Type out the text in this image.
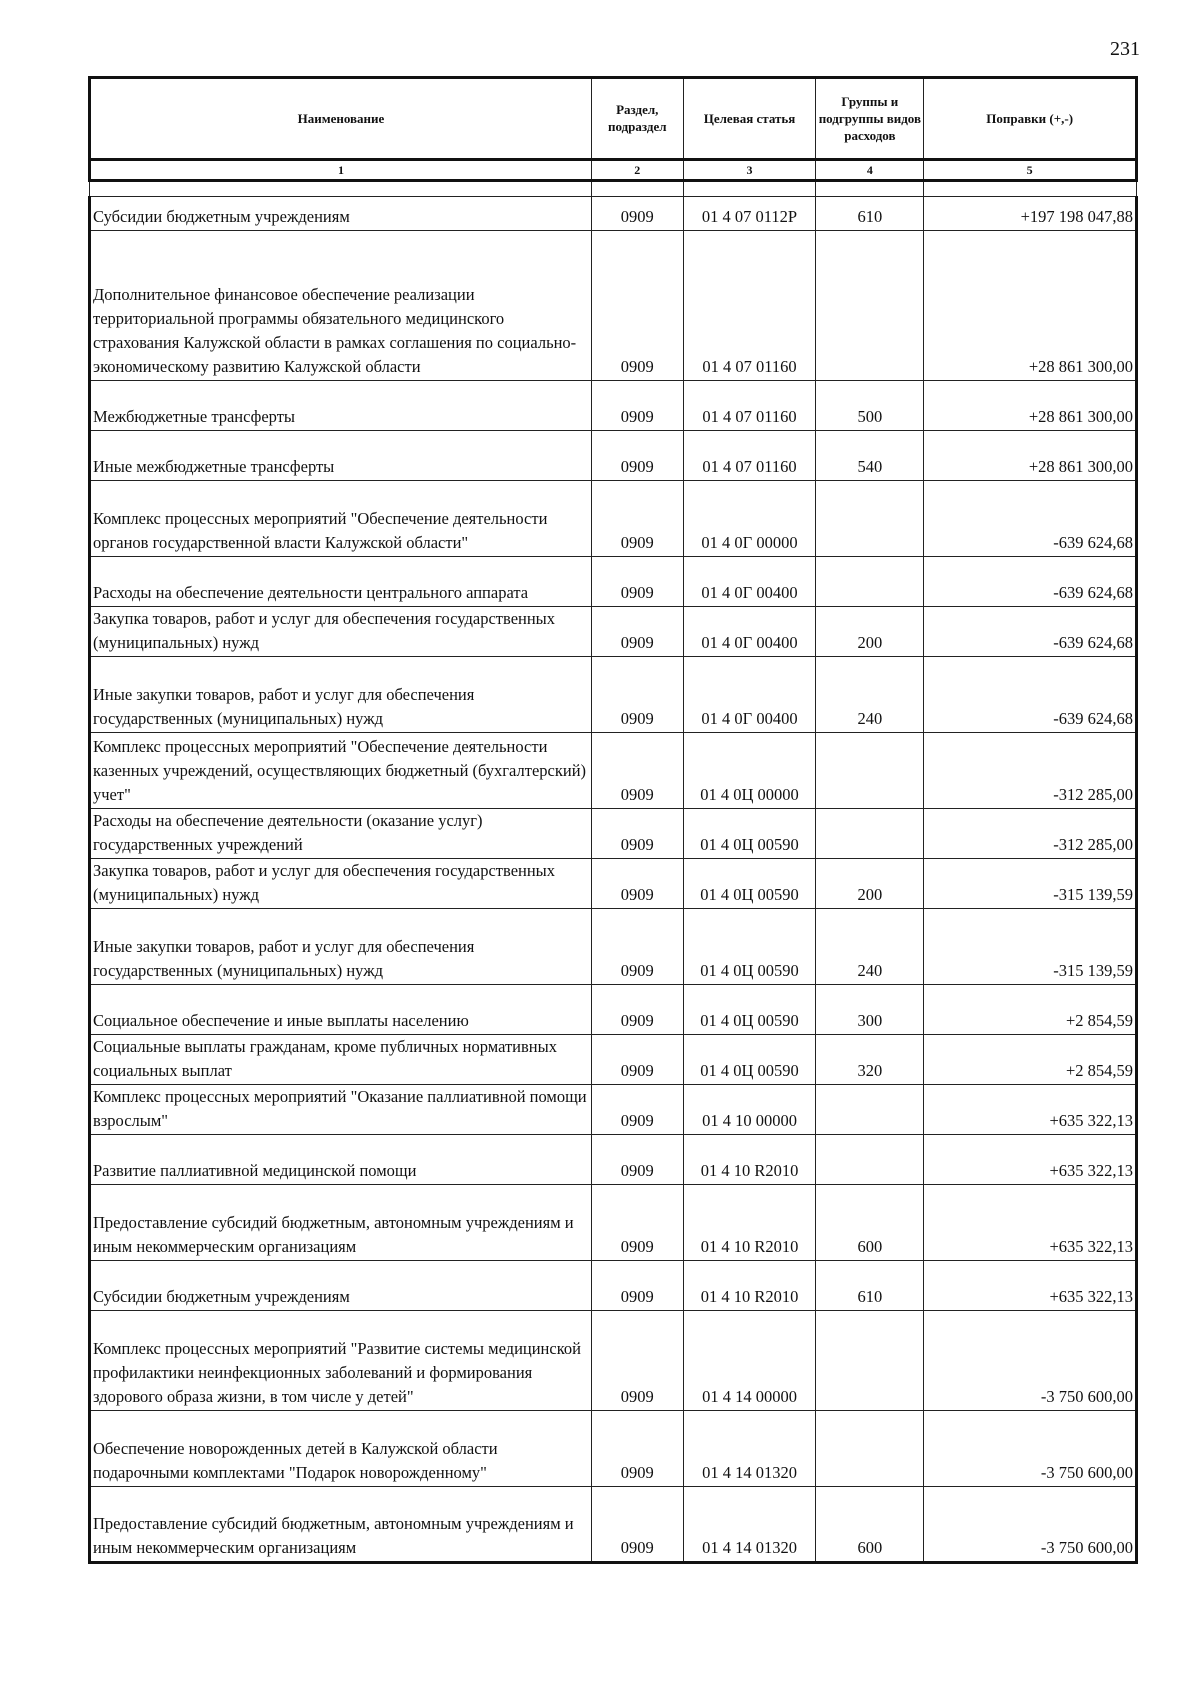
231
Наименование	Раздел, подраздел	Целевая статья	Группы и подгруппы видов расходов	Поправки (+,-)
1	2	3	4	5

Субсидии бюджетным учреждениям	0909	01 4 07 0112Р	610	+197 198 047,88
Дополнительное финансовое обеспечение реализации территориальной программы обязательного медицинского страхования Калужской области в рамках соглашения по социально-экономическому развитию Калужской области	0909	01 4 07 01160		+28 861 300,00
Межбюджетные трансферты	0909	01 4 07 01160	500	+28 861 300,00
Иные межбюджетные трансферты	0909	01 4 07 01160	540	+28 861 300,00
Комплекс процессных мероприятий "Обеспечение деятельности органов государственной власти Калужской области"	0909	01 4 0Г 00000		-639 624,68
Расходы на обеспечение деятельности центрального аппарата	0909	01 4 0Г 00400		-639 624,68
Закупка товаров, работ и услуг для обеспечения государственных (муниципальных) нужд	0909	01 4 0Г 00400	200	-639 624,68
Иные закупки товаров, работ и услуг для обеспечения государственных (муниципальных) нужд	0909	01 4 0Г 00400	240	-639 624,68
Комплекс процессных мероприятий "Обеспечение деятельности казенных учреждений, осуществляющих бюджетный (бухгалтерский) учет"	0909	01 4 0Ц 00000		-312 285,00
Расходы на обеспечение деятельности (оказание услуг) государственных учреждений	0909	01 4 0Ц 00590		-312 285,00
Закупка товаров, работ и услуг для обеспечения государственных (муниципальных) нужд	0909	01 4 0Ц 00590	200	-315 139,59
Иные закупки товаров, работ и услуг для обеспечения государственных (муниципальных) нужд	0909	01 4 0Ц 00590	240	-315 139,59
Социальное обеспечение и иные выплаты населению	0909	01 4 0Ц 00590	300	+2 854,59
Социальные выплаты гражданам, кроме публичных нормативных социальных выплат	0909	01 4 0Ц 00590	320	+2 854,59
Комплекс процессных мероприятий "Оказание паллиативной помощи взрослым"	0909	01 4 10 00000		+635 322,13
Развитие паллиативной медицинской помощи	0909	01 4 10 R2010		+635 322,13
Предоставление субсидий бюджетным, автономным учреждениям и иным некоммерческим организациям	0909	01 4 10 R2010	600	+635 322,13
Субсидии бюджетным учреждениям	0909	01 4 10 R2010	610	+635 322,13
Комплекс процессных мероприятий "Развитие системы медицинской профилактики неинфекционных заболеваний и формирования здорового образа жизни, в том числе у детей"	0909	01 4 14 00000		-3 750 600,00
Обеспечение новорожденных детей в Калужской области подарочными комплектами "Подарок новорожденному"	0909	01 4 14 01320		-3 750 600,00
Предоставление субсидий бюджетным, автономным учреждениям и иным некоммерческим организациям	0909	01 4 14 01320	600	-3 750 600,00
